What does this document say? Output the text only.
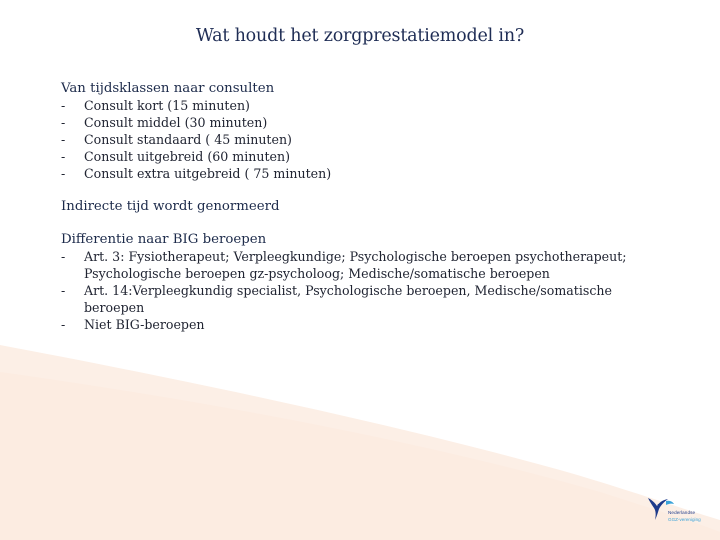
Wat houdt het zorgprestatiemodel in?
Van tijdsklassen naar consulten
-	Consult kort (15 minuten)
-	Consult middel (30 minuten)
-	Consult standaard ( 45 minuten)
-	Consult uitgebreid (60 minuten)
-	Consult extra uitgebreid ( 75 minuten)
Indirecte tijd wordt genormeerd
Differentie naar BIG beroepen
-	Art. 3: Fysiotherapeut; Verpleegkundige; Psychologische beroepen psychotherapeut; Psychologische beroepen gz-psycholoog; Medische/somatische beroepen
-	Art. 14:Verpleegkundig specialist, Psychologische beroepen, Medische/somatische beroepen
-	Niet BIG-beroepen
Nederlandse
GGZ-vereniging
